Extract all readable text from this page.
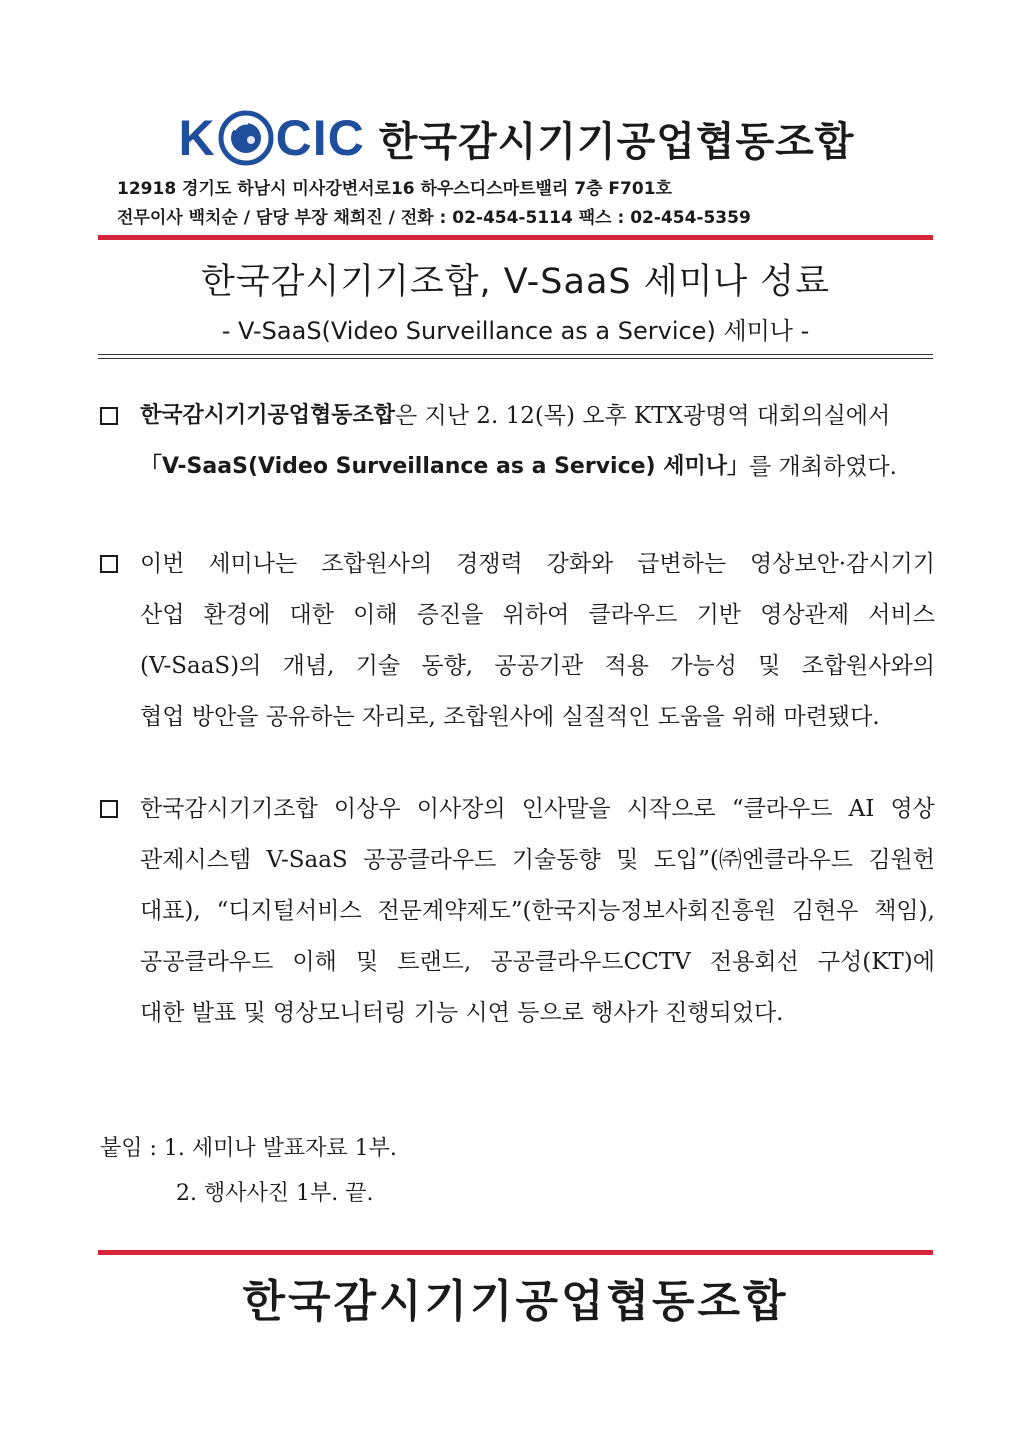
K CIC 한국감시기기공업협동조합
12918 경기도 하남시 미사강변서로16 하우스디스마트밸리 7층 F701호
전무이사 백치순 / 담당 부장 채희진 / 전화 : 02-454-5114 팩스 : 02-454-5359
한국감시기기조합, V-SaaS 세미나 성료
- V-SaaS(Video Surveillance as a Service) 세미나 -
한국감시기기공업협동조합 은 지난 2. 12(목) 오후 KTX광명역 대회의실에서
「V-SaaS(Video Surveillance as a Service) 세미나」 를 개최하였다.
이번 세미나는 조합원사의 경쟁력 강화와 급변하는 영상보안·감시기기
산업 환경에 대한 이해 증진을 위하여 클라우드 기반 영상관제 서비스
(V-SaaS)의 개념, 기술 동향, 공공기관 적용 가능성 및 조합원사와의
협업 방안을 공유하는 자리로, 조합원사에 실질적인 도움을 위해 마련됐다.
한국감시기기조합 이상우 이사장의 인사말을 시작으로 “클라우드 AI 영상
관제시스템 V-SaaS 공공클라우드 기술동향 및 도입”(㈜엔클라우드 김원헌
대표), “디지털서비스 전문계약제도”(한국지능정보사회진흥원 김현우 책임),
공공클라우드 이해 및 트랜드, 공공클라우드CCTV 전용회선 구성(KT)에
대한 발표 및 영상모니터링 기능 시연 등으로 행사가 진행되었다.
붙임 : 1. 세미나 발표자료 1부.
2. 행사사진 1부. 끝.
한국감시기기공업협동조합
